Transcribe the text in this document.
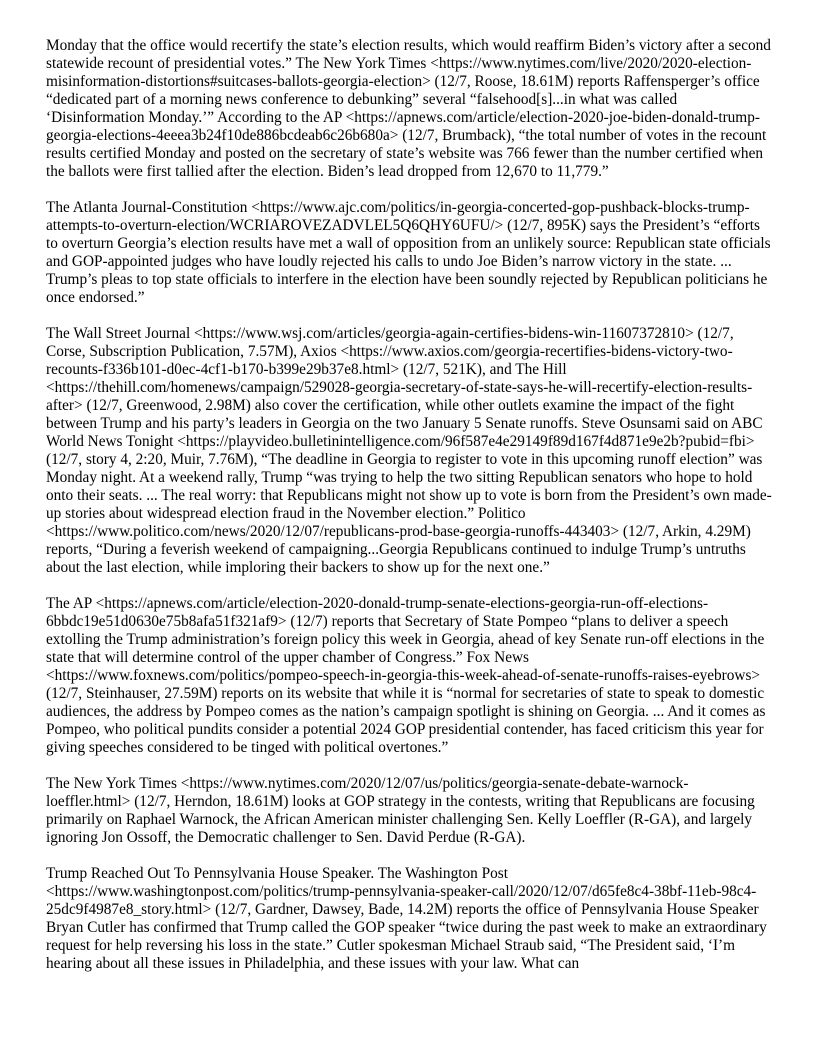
Monday that the office would recertify the state’s election results, which would reaffirm Biden’s victory after a second statewide recount of presidential votes.” The New York Times <https://www.nytimes.com/live/2020/2020-election-misinformation-distortions#suitcases-ballots-georgia-election> (12/7, Roose, 18.61M) reports Raffensperger’s office “dedicated part of a morning news conference to debunking” several “falsehood[s]...in what was called ‘Disinformation Monday.’” According to the AP <https://apnews.com/article/election-2020-joe-biden-donald-trump-georgia-elections-4eeea3b24f10de886bcdeab6c26b680a> (12/7, Brumback), “the total number of votes in the recount results certified Monday and posted on the secretary of state’s website was 766 fewer than the number certified when the ballots were first tallied after the election. Biden’s lead dropped from 12,670 to 11,779.”

The Atlanta Journal-Constitution <https://www.ajc.com/politics/in-georgia-concerted-gop-pushback-blocks-trump-attempts-to-overturn-election/WCRIAROVEZADVLEL5Q6QHY6UFU/> (12/7, 895K) says the President’s “efforts to overturn Georgia’s election results have met a wall of opposition from an unlikely source: Republican state officials and GOP-appointed judges who have loudly rejected his calls to undo Joe Biden’s narrow victory in the state. ... Trump’s pleas to top state officials to interfere in the election have been soundly rejected by Republican politicians he once endorsed.”

The Wall Street Journal <https://www.wsj.com/articles/georgia-again-certifies-bidens-win-11607372810> (12/7, Corse, Subscription Publication, 7.57M), Axios <https://www.axios.com/georgia-recertifies-bidens-victory-two-recounts-f336b101-d0ec-4cf1-b170-b399e29b37e8.html> (12/7, 521K), and The Hill <https://thehill.com/homenews/campaign/529028-georgia-secretary-of-state-says-he-will-recertify-election-results-after> (12/7, Greenwood, 2.98M) also cover the certification, while other outlets examine the impact of the fight between Trump and his party’s leaders in Georgia on the two January 5 Senate runoffs. Steve Osunsami said on ABC World News Tonight <https://playvideo.bulletinintelligence.com/96f587e4e29149f89d167f4d871e9e2b?pubid=fbi> (12/7, story 4, 2:20, Muir, 7.76M), “The deadline in Georgia to register to vote in this upcoming runoff election” was Monday night. At a weekend rally, Trump “was trying to help the two sitting Republican senators who hope to hold onto their seats. ... The real worry: that Republicans might not show up to vote is born from the President’s own made-up stories about widespread election fraud in the November election.” Politico <https://www.politico.com/news/2020/12/07/republicans-prod-base-georgia-runoffs-443403> (12/7, Arkin, 4.29M) reports, “During a feverish weekend of campaigning...Georgia Republicans continued to indulge Trump’s untruths about the last election, while imploring their backers to show up for the next one.”

The AP <https://apnews.com/article/election-2020-donald-trump-senate-elections-georgia-run-off-elections-6bbdc19e51d0630e75b8afa51f321af9> (12/7) reports that Secretary of State Pompeo “plans to deliver a speech extolling the Trump administration’s foreign policy this week in Georgia, ahead of key Senate run-off elections in the state that will determine control of the upper chamber of Congress.” Fox News <https://www.foxnews.com/politics/pompeo-speech-in-georgia-this-week-ahead-of-senate-runoffs-raises-eyebrows> (12/7, Steinhauser, 27.59M) reports on its website that while it is “normal for secretaries of state to speak to domestic audiences, the address by Pompeo comes as the nation’s campaign spotlight is shining on Georgia. ... And it comes as Pompeo, who political pundits consider a potential 2024 GOP presidential contender, has faced criticism this year for giving speeches considered to be tinged with political overtones.”

The New York Times <https://www.nytimes.com/2020/12/07/us/politics/georgia-senate-debate-warnock-loeffler.html> (12/7, Herndon, 18.61M) looks at GOP strategy in the contests, writing that Republicans are focusing primarily on Raphael Warnock, the African American minister challenging Sen. Kelly Loeffler (R-GA), and largely ignoring Jon Ossoff, the Democratic challenger to Sen. David Perdue (R-GA).

Trump Reached Out To Pennsylvania House Speaker. The Washington Post <https://www.washingtonpost.com/politics/trump-pennsylvania-speaker-call/2020/12/07/d65fe8c4-38bf-11eb-98c4-25dc9f4987e8_story.html> (12/7, Gardner, Dawsey, Bade, 14.2M) reports the office of Pennsylvania House Speaker Bryan Cutler has confirmed that Trump called the GOP speaker “twice during the past week to make an extraordinary request for help reversing his loss in the state.” Cutler spokesman Michael Straub said, “The President said, ‘I’m hearing about all these issues in Philadelphia, and these issues with your law. What can
